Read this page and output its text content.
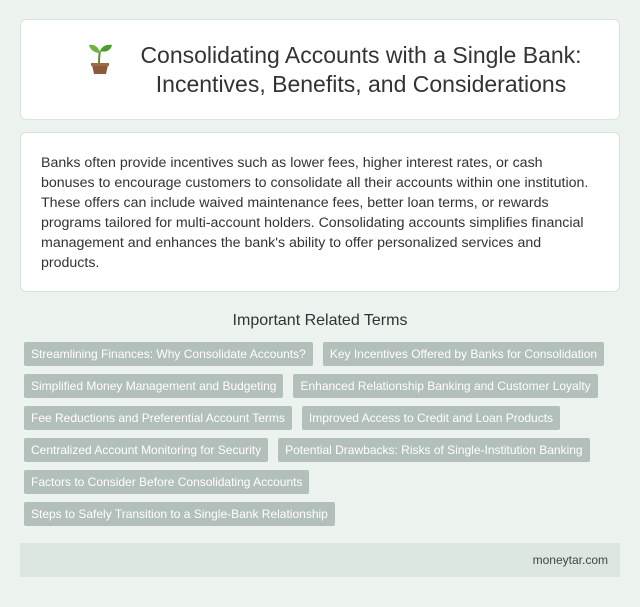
Consolidating Accounts with a Single Bank: Incentives, Benefits, and Considerations

Banks often provide incentives such as lower fees, higher interest rates, or cash bonuses to encourage customers to consolidate all their accounts within one institution. These offers can include waived maintenance fees, better loan terms, or rewards programs tailored for multi-account holders. Consolidating accounts simplifies financial management and enhances the bank's ability to offer personalized services and products.

Important Related Terms
Streamlining Finances: Why Consolidate Accounts?	Key Incentives Offered by Banks for Consolidation
Simplified Money Management and Budgeting	Enhanced Relationship Banking and Customer Loyalty
Fee Reductions and Preferential Account Terms	Improved Access to Credit and Loan Products
Centralized Account Monitoring for Security	Potential Drawbacks: Risks of Single-Institution Banking
Factors to Consider Before Consolidating Accounts
Steps to Safely Transition to a Single-Bank Relationship
moneytar.com
